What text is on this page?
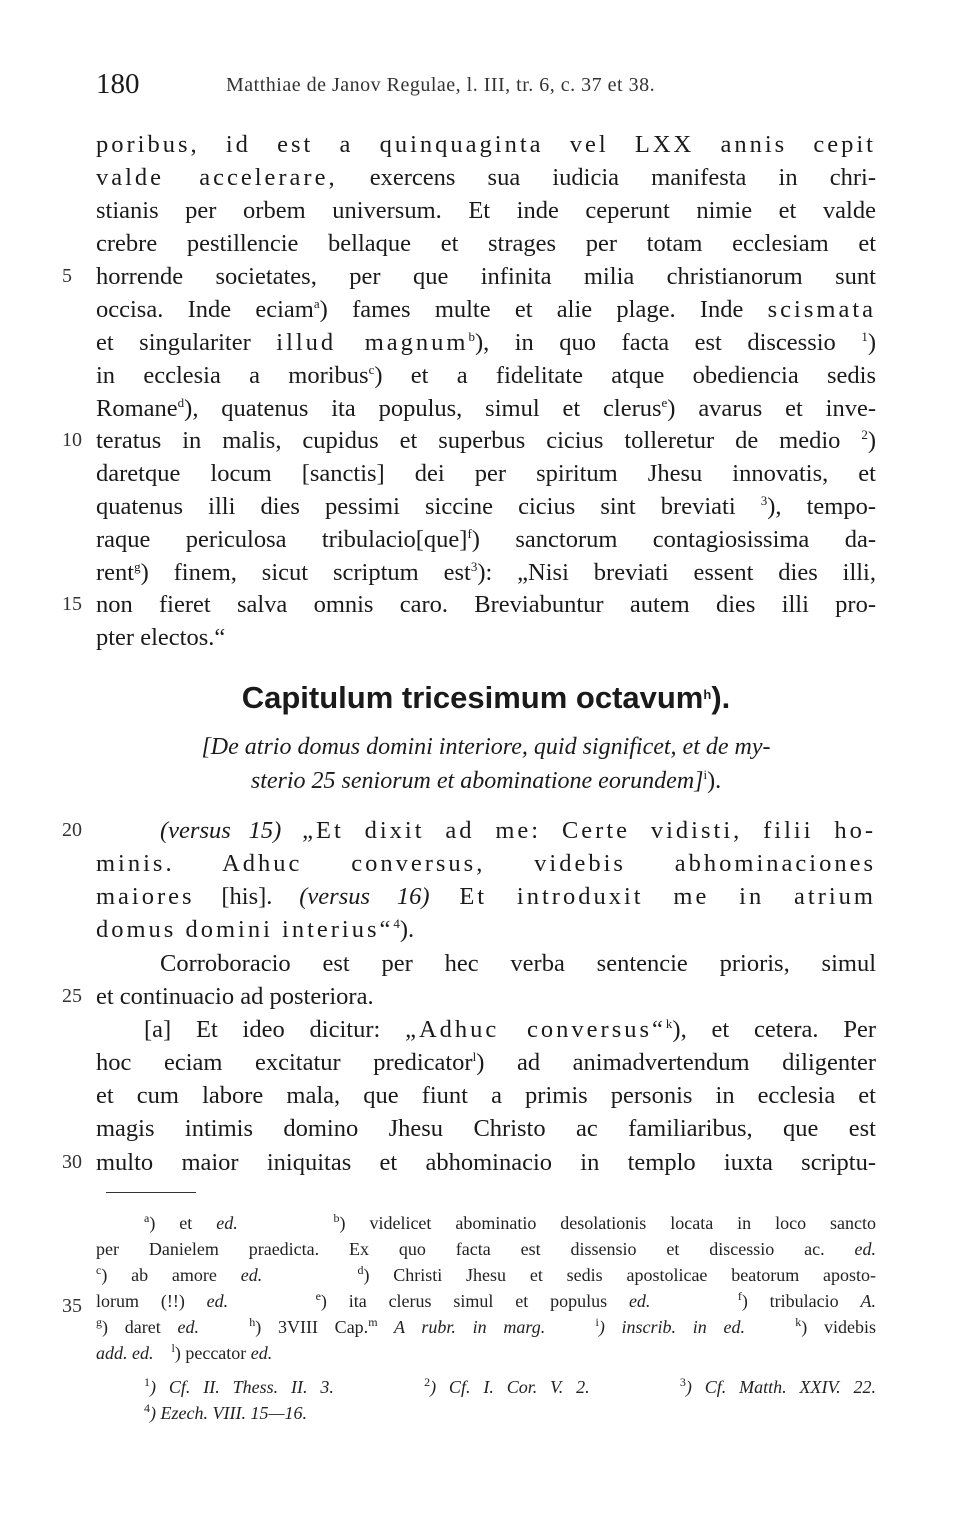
180	Matthiae de Janov Regulae, l. III, tr. 6, c. 37 et 38.
5
10
15
20
25
30
35
poribus, id est a quinquaginta vel LXX annis cepit
valde accelerare, exercens sua iudicia manifesta in chri-
stianis per orbem universum. Et inde ceperunt nimie et valde
crebre pestillencie bellaque et strages per totam ecclesiam et
horrende societates, per que infinita milia christianorum sunt
occisa. Inde eciam$^a$) fames multe et alie plage. Inde scismata
et singulariter illud magnum$^b$), in quo facta est discessio $^1$)
in ecclesia a moribus$^c$) et a fidelitate atque obediencia sedis
Romane$^d$), quatenus ita populus, simul et clerus$^e$) avarus et inve-
teratus in malis, cupidus et superbus cicius tolleretur de medio $^2$)
daretque locum [sanctis] dei per spiritum Jhesu innovatis, et
quatenus illi dies pessimi siccine cicius sint breviati $^3$), tempo-
raque periculosa tribulacio[que]$^f$) sanctorum contagiosissima da-
rent$^g$) finem, sicut scriptum est$^3$): „Nisi breviati essent dies illi,
non fieret salva omnis caro. Breviabuntur autem dies illi pro-
pter electos.“
Capitulum tricesimum octavum$^h$).
[De atrio domus domini interiore, quid significet, et de my-
sterio 25 seniorum et abominatione eorundem]$^i$).
(versus 15) „Et dixit ad me: Certe vidisti, filii ho-
minis. Adhuc conversus, videbis abhominaciones
maiores [his]. (versus 16) Et introduxit me in atrium
domus domini interius“$^4$).
Corroboracio est per hec verba sentencie prioris, simul
et continuacio ad posteriora.
[a] Et ideo dicitur: „Adhuc conversus“$^k$), et cetera. Per
hoc eciam excitatur predicator$^l$) ad animadvertendum diligenter
et cum labore mala, que fiunt a primis personis in ecclesia et
magis intimis domino Jhesu Christo ac familiaribus, que est
multo maior iniquitas et abhominacio in templo iuxta scriptu-
$^a$) et ed.	$^b$) videlicet abominatio desolationis locata in loco sancto
per Danielem praedicta. Ex quo facta est dissensio et discessio ac. ed.
$^c$) ab amore ed.	$^d$) Christi Jhesu et sedis apostolicae beatorum aposto-
lorum (!!) ed.	$^e$) ita clerus simul et populus ed.	$^f$) tribulacio A.
$^g$) daret ed.	$^h$) 3VIII Cap.$^m$ A rubr. in marg.	$^i$) inscrib. in ed.	$^k$) videbis
add. ed. $^l$) peccator ed.
$^1$) Cf. II. Thess. II. 3.	$^2$) Cf. I. Cor. V. 2.	$^3$) Cf. Matth. XXIV. 22.
$^4$) Ezech. VIII. 15—16.
